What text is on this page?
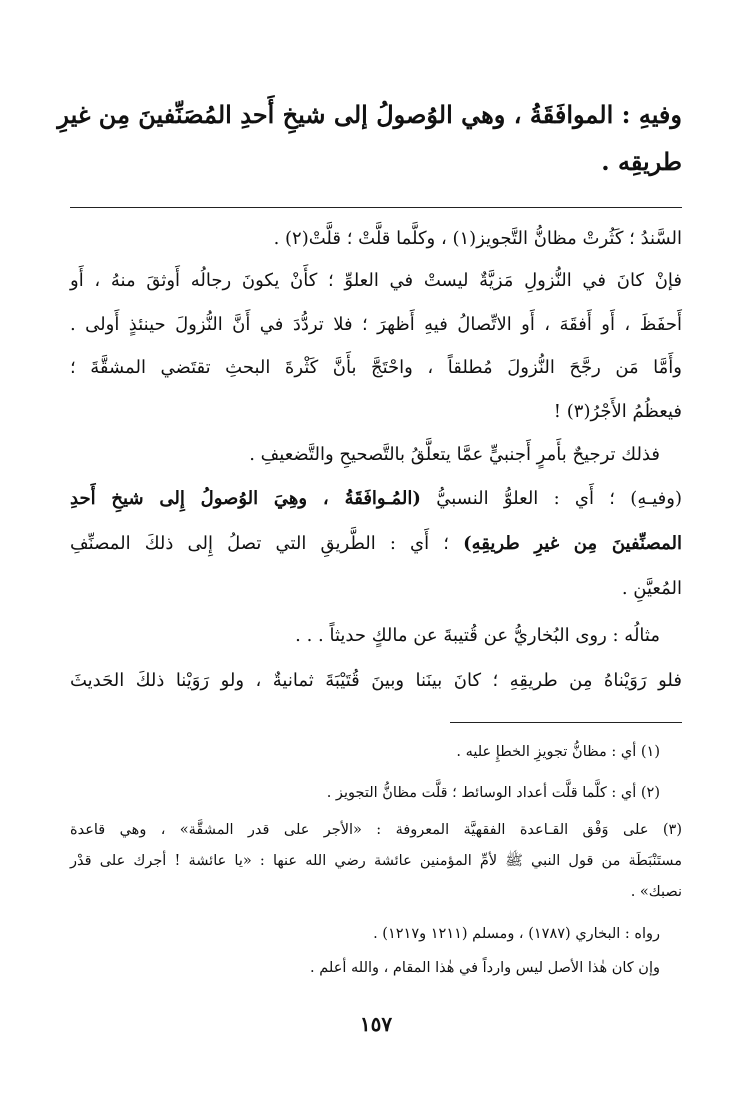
وفيهِ : الموافَقَةُ ، وهي الوُصولُ إلى شيخِ أَحدِ المُصَنِّفينَ مِن غيرِ
طريقِه .
السَّندُ ؛ كَثُرتْ مظانُّ التَّجويز(١) ، وكلَّما قلَّتْ ؛ قلَّتْ(٢) .
فإنْ كانَ في النُّزولِ مَزيَّةٌ ليستْ في العلوِّ ؛ كأَنْ يكونَ رجالُه أَوثقَ منهُ ، أَو
أَحفَظَ ، أَو أَفقَهَ ، أَو الاتِّصالُ فيهِ أَظهرَ ؛ فلا تردُّدَ في أَنَّ النُّزولَ حينئذٍ أَولى .
وأَمَّا مَن رجَّحَ النُّزولَ مُطلقاً ، واحْتَجَّ بأَنَّ كَثْرةَ البحثِ تقتَضي المشقَّةَ ؛
فيعظُمُ الأَجْرُ(٣) !
فذلك ترجيحٌ بأَمرٍ أَجنبيٍّ عمَّا يتعلَّقُ بالتَّصحيحِ والتَّضعيفِ .
(وفيـهِ) ؛ أَي : العلوُّ النسبيُّ (المُـوافَقَةُ ، وهِيَ الوُصولُ إِلى شيخِ أَحدِ
المصنِّفينَ مِن غيرِ طريقِهِ) ؛ أَي : الطَّريقِ التي تصلُ إِلى ذلكَ المصنِّفِ
المُعيَّنِ .
مثالُه : روى البُخاريُّ عن قُتيبةَ عن مالكٍ حديثاً . . .
فلو رَوَيْناهُ مِن طريقِهِ ؛ كانَ بينَنا وبينَ قُتَيْبَةَ ثمانيةٌ ، ولو رَوَيْنا ذلكَ الحَديثَ
(١) أي : مظانُّ تجويزِ الخطإِ عليه .
(٢) أي : كلَّما قلَّت أعداد الوسائط ؛ قلَّت مظانُّ التجويز .
(٣) على وَفْق القـاعدة الفقهيَّة المعروفة : «الأجر على قدر المشقَّة» ، وهي قاعدة
مستَنْبَطَة من قول النبي ﷺ لأمِّ المؤمنين عائشة رضي الله عنها : «يا عائشة ! أجرك على قدْر
نصبك» .
رواه : البخاري (١٧٨٧) ، ومسلم (١٢١١ و١٢١٧) .
وإن كان هٰذا الأصل ليس وارداً في هٰذا المقام ، والله أعلم .
١٥٧
